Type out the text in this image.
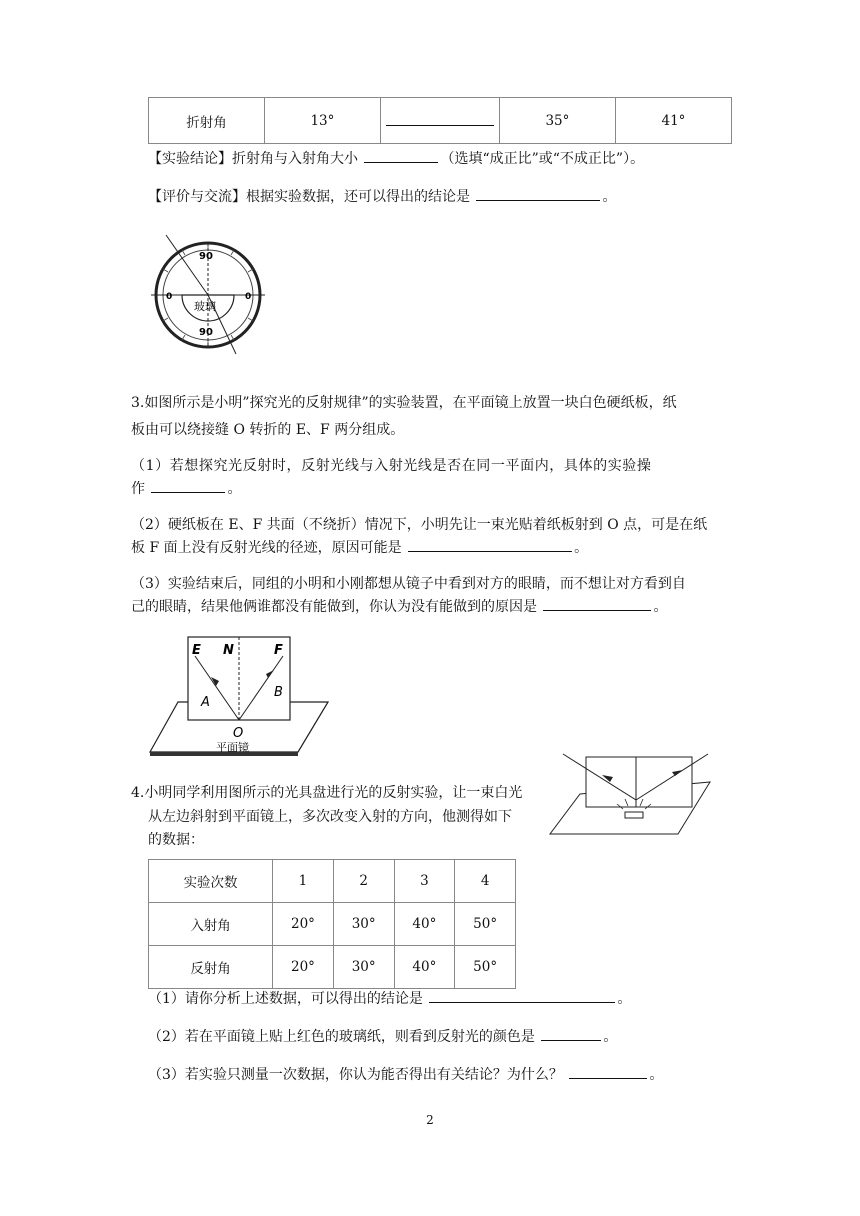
折射角	13°		35°	41°
【实验结论】折射角与入射角大小	（选填“成正比”或“不成正比”）。
【评价与交流】根据实验数据，还可以得出的结论是	。
90
90
0	0
玻璃
3.如图所示是小明”探究光的反射规律”的实验装置，在平面镜上放置一块白色硬纸板，纸
板由可以绕接缝 O 转折的 E、F 两分组成。
（1）若想探究光反射时，反射光线与入射光线是否在同一平面内，具体的实验操
作	。
（2）硬纸板在 E、F 共面（不绕折）情况下，小明先让一束光贴着纸板射到 O 点，可是在纸
板 F 面上没有反射光线的径迹，原因可能是	。
（3）实验结束后，同组的小明和小刚都想从镜子中看到对方的眼睛，而不想让对方看到自
己的眼睛，结果他俩谁都没有能做到，你认为没有能做到的原因是	。
E N	F
A
B
O
平面镜
4.小明同学利用图所示的光具盘进行光的反射实验，让一束白光
从左边斜射到平面镜上，多次改变入射的方向，他测得如下
的数据：
实验次数	1	2	3	4
入射角	20°	30°	40°	50°
反射角	20°	30°	40°	50°
（1）请你分析上述数据，可以得出的结论是	。
（2）若在平面镜上贴上红色的玻璃纸，则看到反射光的颜色是	。
（3）若实验只测量一次数据，你认为能否得出有关结论？为什么？	。
2
